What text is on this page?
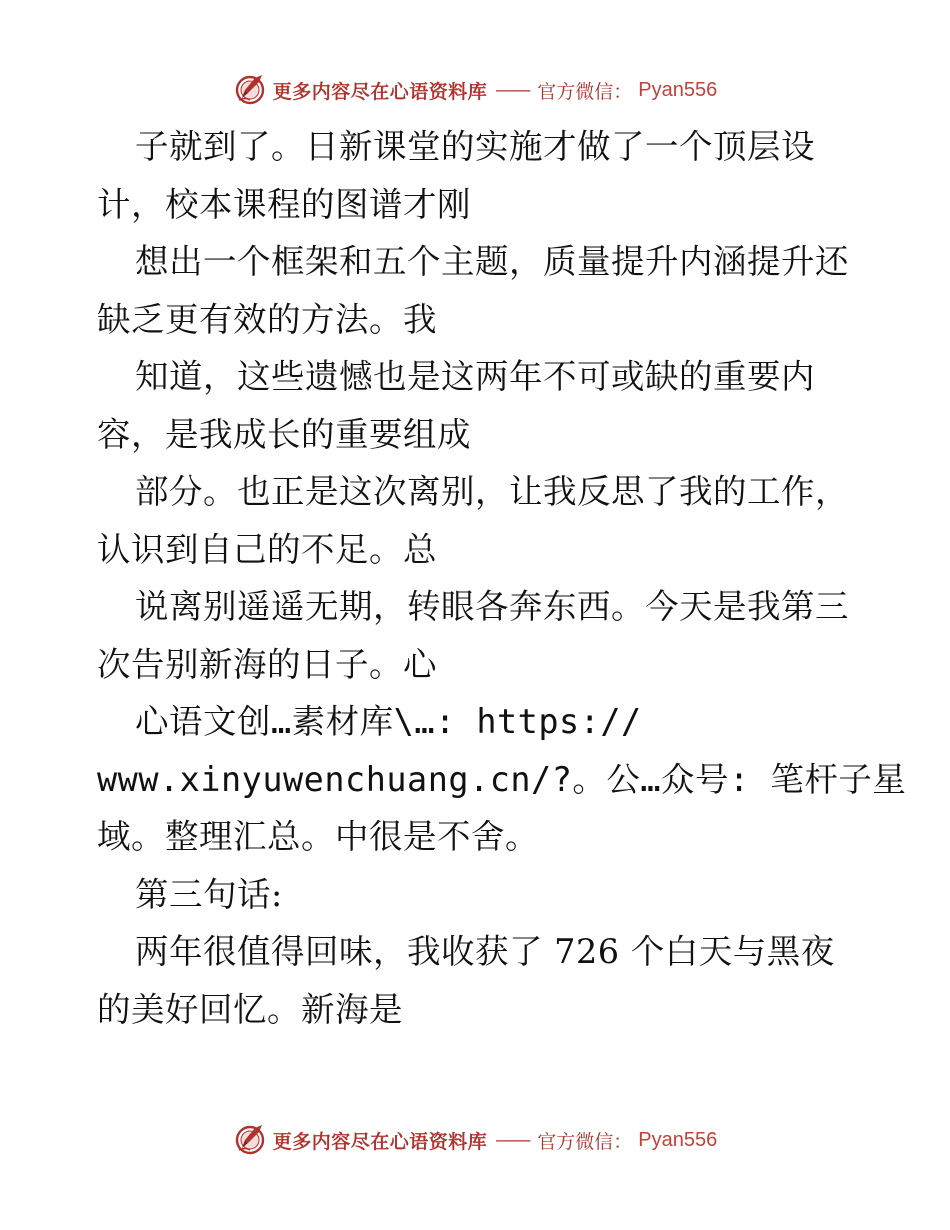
更多内容尽在心语资料库 —— 官方微信： Pyan556
子就到了。日新课堂的实施才做了一个顶层设
计，校本课程的图谱才刚
想出一个框架和五个主题，质量提升内涵提升还
缺乏更有效的方法。我
知道，这些遗憾也是这两年不可或缺的重要内
容，是我成长的重要组成
部分。也正是这次离别，让我反思了我的工作，
认识到自己的不足。总
说离别遥遥无期，转眼各奔东西。今天是我第三
次告别新海的日子。心
心语文创…素材库\…: https://
www.xinyuwenchuang.cn/?。公…众号: 笔杆子星
域。整理汇总。中很是不舍。
第三句话:
两年很值得回味，我收获了 726 个白天与黑夜
的美好回忆。新海是
更多内容尽在心语资料库 —— 官方微信： Pyan556
